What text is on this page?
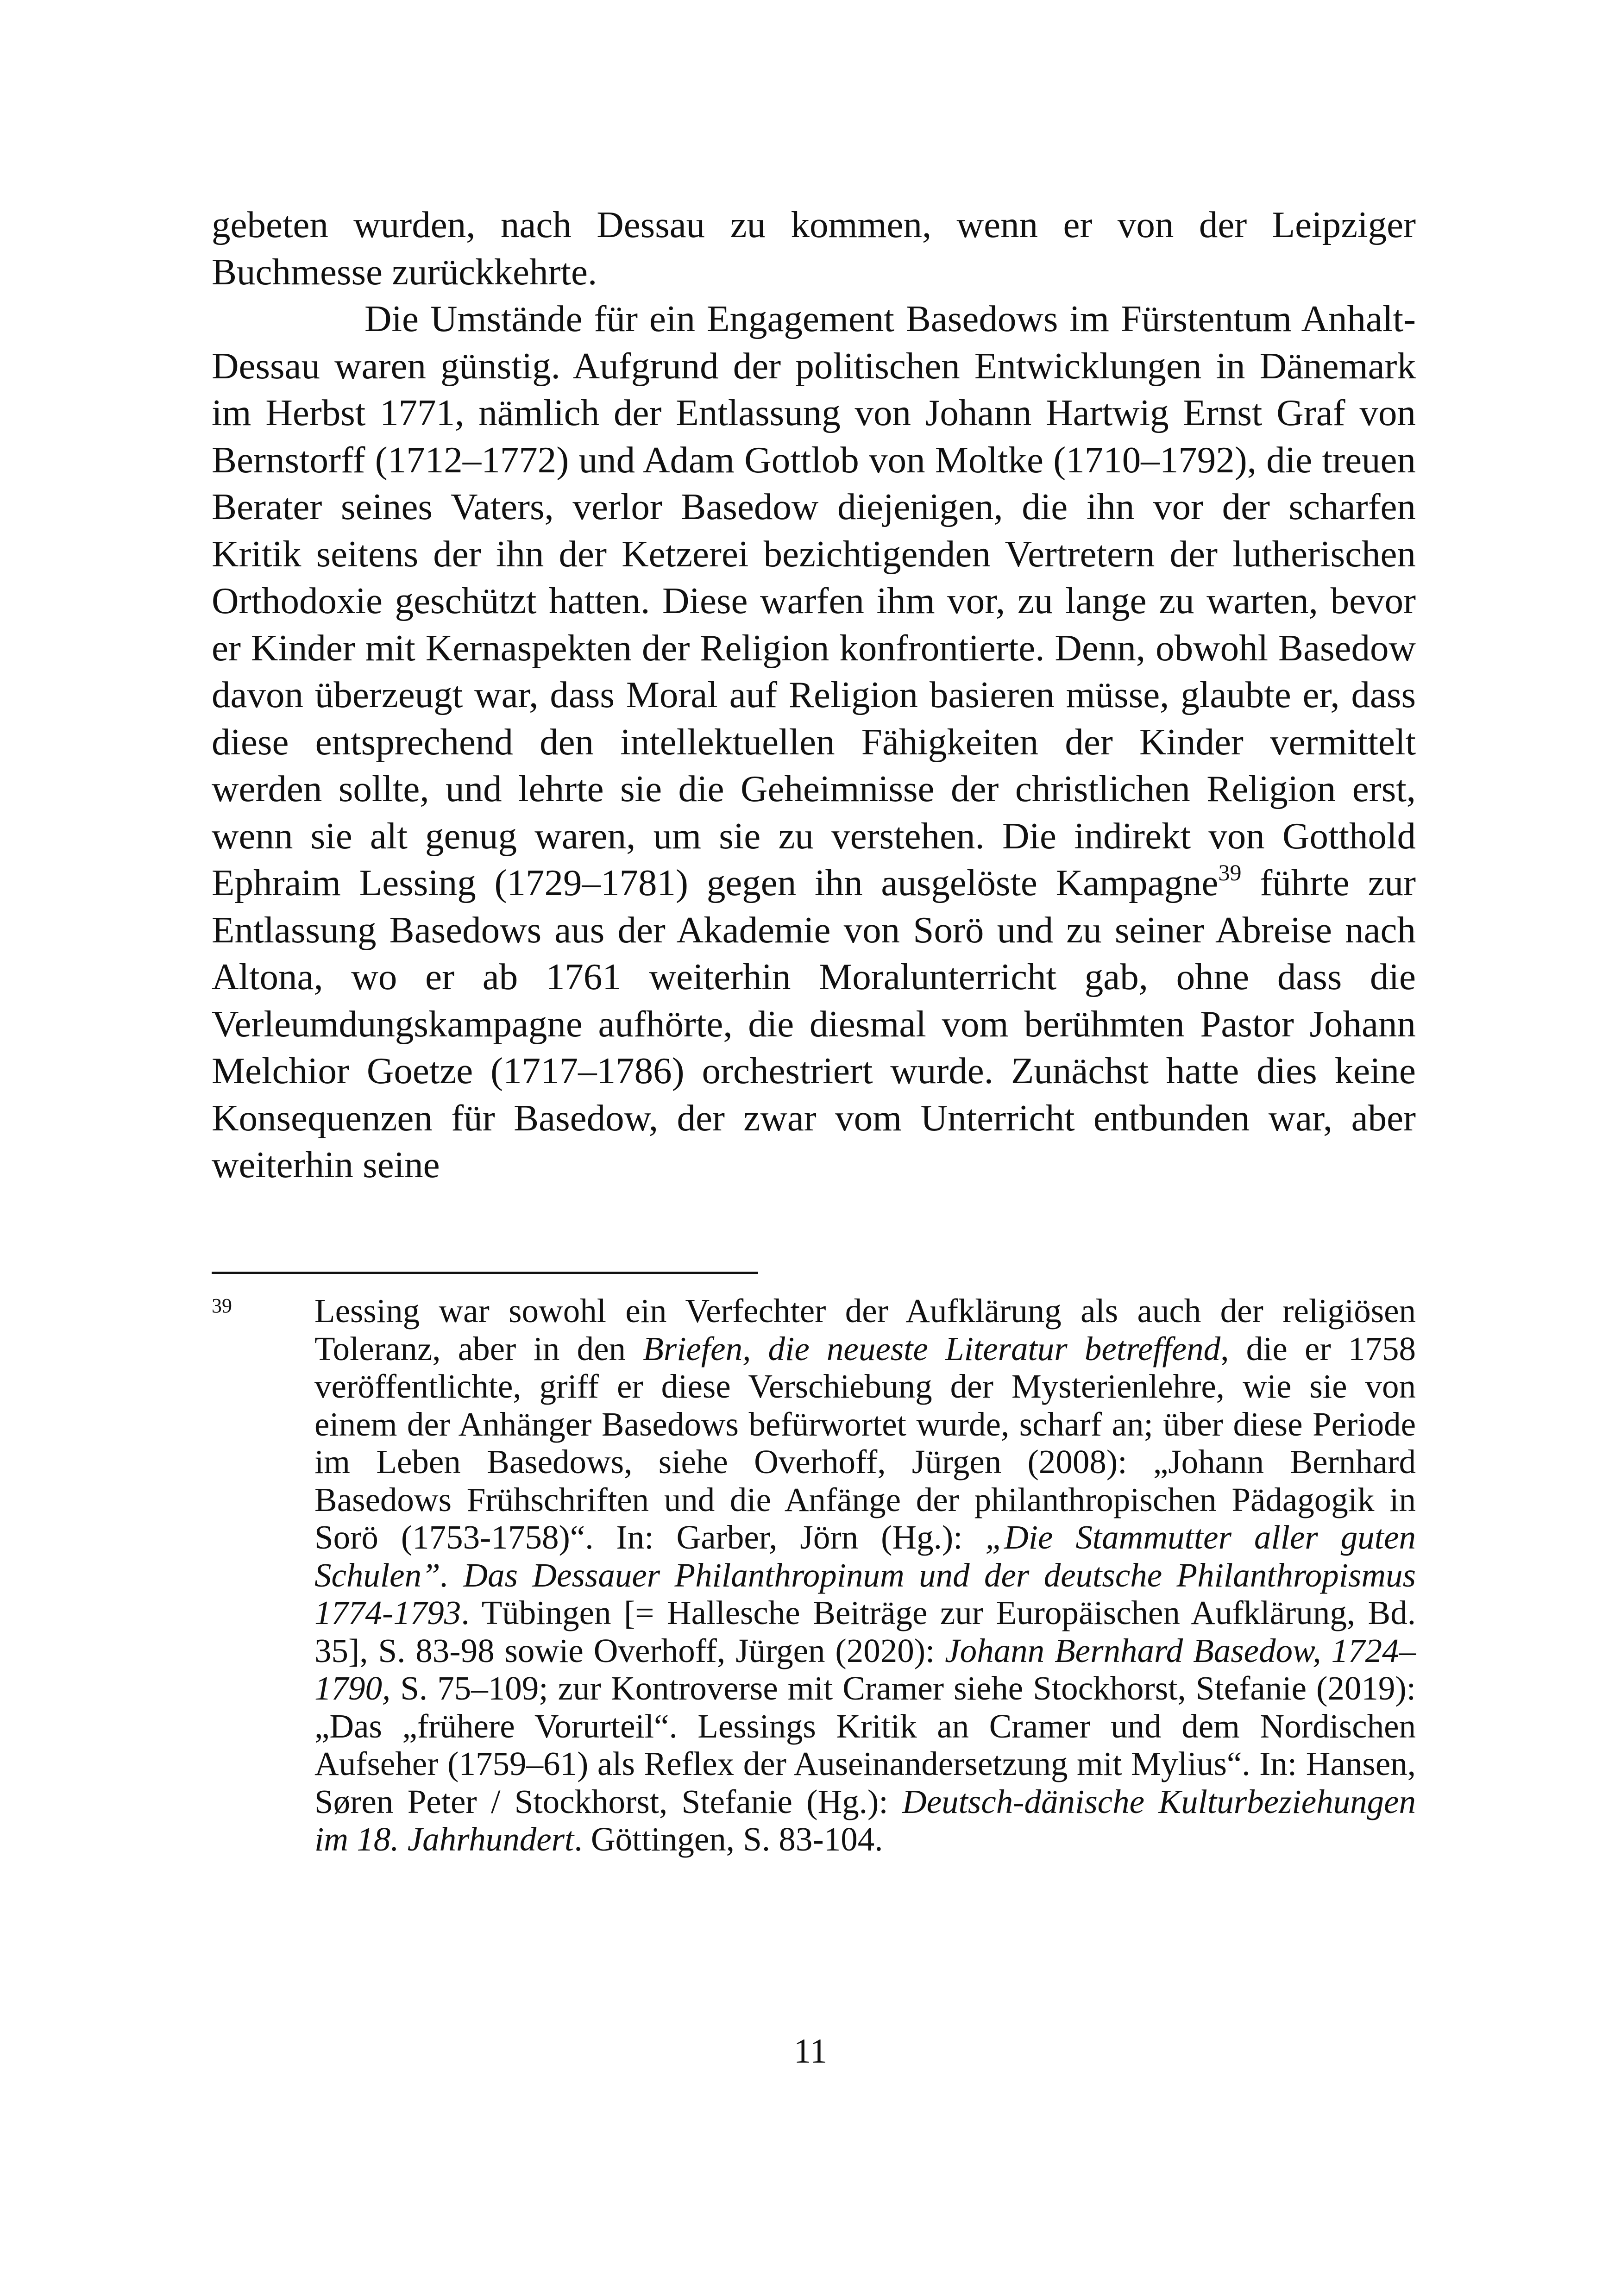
gebeten wurden, nach Dessau zu kommen, wenn er von der Leipziger Buchmesse zurückkehrte.
Die Umstände für ein Engagement Basedows im Fürstentum Anhalt-Dessau waren günstig. Aufgrund der politischen Entwicklungen in Dänemark im Herbst 1771, nämlich der Entlassung von Johann Hartwig Ernst Graf von Bernstorff (1712–1772) und Adam Gottlob von Moltke (1710–1792), die treuen Berater seines Vaters, verlor Basedow diejenigen, die ihn vor der scharfen Kritik seitens der ihn der Ketzerei bezichtigenden Vertretern der lutherischen Orthodoxie geschützt hatten. Diese warfen ihm vor, zu lange zu warten, bevor er Kinder mit Kernaspekten der Religion konfrontierte. Denn, obwohl Basedow davon überzeugt war, dass Moral auf Religion basieren müsse, glaubte er, dass diese entsprechend den intellektuellen Fähigkeiten der Kinder vermittelt werden sollte, und lehrte sie die Geheimnisse der christlichen Religion erst, wenn sie alt genug waren, um sie zu verstehen. Die indirekt von Gotthold Ephraim Lessing (1729–1781) gegen ihn ausgelöste Kampagne$^{39}$ führte zur Entlassung Basedows aus der Akademie von Sorö und zu seiner Abreise nach Altona, wo er ab 1761 weiterhin Moralunterricht gab, ohne dass die Verleumdungskampagne aufhörte, die diesmal vom berühmten Pastor Johann Melchior Goetze (1717–1786) orchestriert wurde. Zunächst hatte dies keine Konsequenzen für Basedow, der zwar vom Unterricht entbunden war, aber weiterhin seine
39 Lessing war sowohl ein Verfechter der Aufklärung als auch der religiösen Toleranz, aber in den Briefen, die neueste Literatur betreffend, die er 1758 veröffentlichte, griff er diese Verschiebung der Mysterienlehre, wie sie von einem der Anhänger Basedows befürwortet wurde, scharf an; über diese Periode im Leben Basedows, siehe Overhoff, Jürgen (2008): „Johann Bernhard Basedows Frühschriften und die Anfänge der philanthropischen Pädagogik in Sorö (1753-1758)“. In: Garber, Jörn (Hg.): „Die Stammutter aller guten Schulen”. Das Dessauer Philanthropinum und der deutsche Philanthropismus 1774-1793. Tübingen [= Hallesche Beiträge zur Europäischen Aufklärung, Bd. 35], S. 83-98 sowie Overhoff, Jürgen (2020): Johann Bernhard Basedow, 1724–1790, S. 75–109; zur Kontroverse mit Cramer siehe Stockhorst, Stefanie (2019): „Das „frühere Vorurteil“. Lessings Kritik an Cramer und dem Nordischen Aufseher (1759–61) als Reflex der Auseinandersetzung mit Mylius“. In: Hansen, Søren Peter / Stockhorst, Stefanie (Hg.): Deutsch-dänische Kulturbeziehungen im 18. Jahrhundert. Göttingen, S. 83-104.
11
